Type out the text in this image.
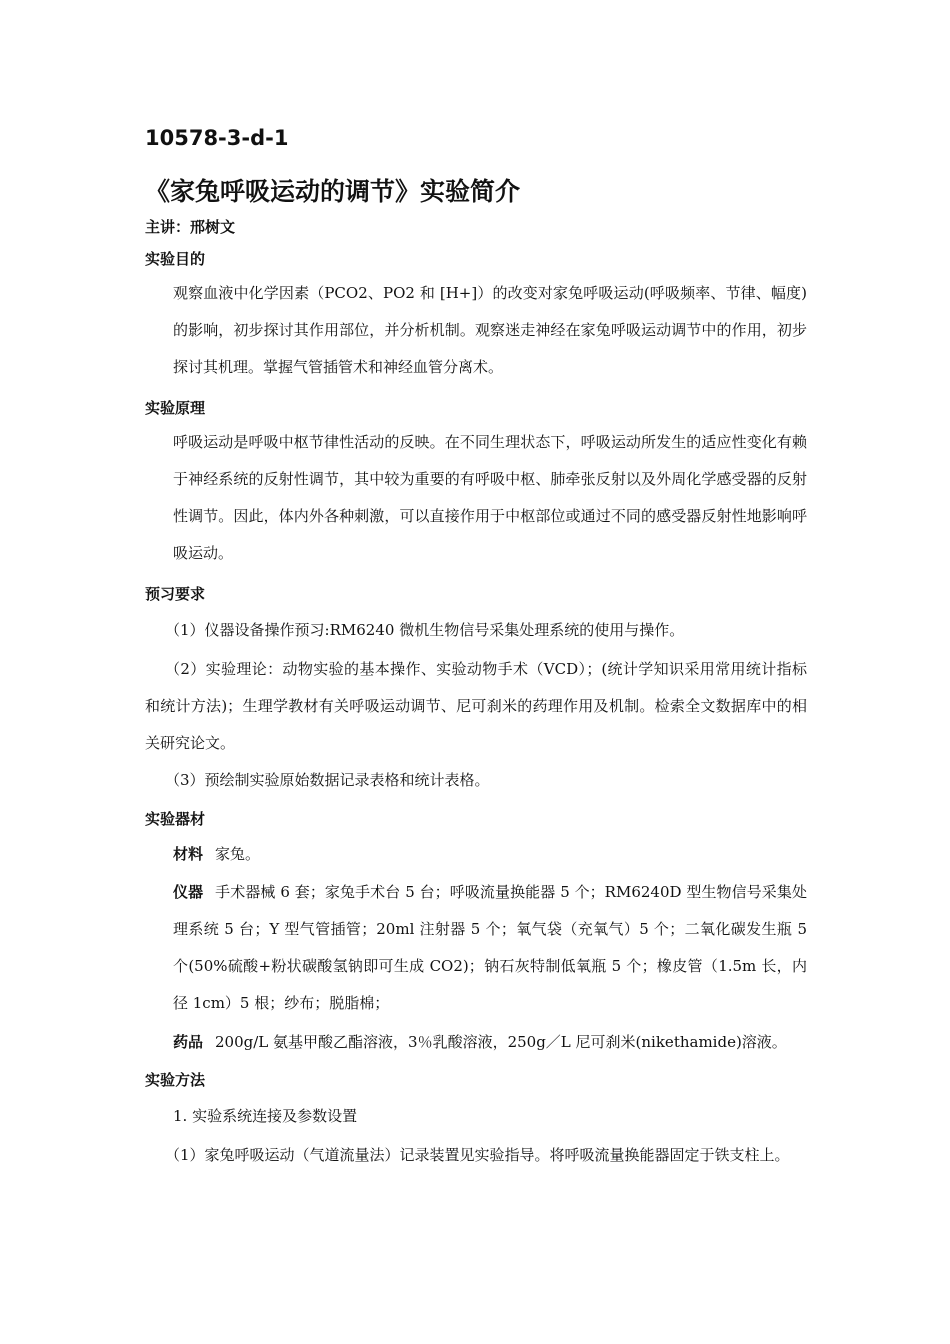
10578-3-d-1
《家兔呼吸运动的调节》实验简介
主讲：邢树文
实验目的
观察血液中化学因素（PCO2、PO2 和 [H+]）的改变对家兔呼吸运动(呼吸频率、节律、幅度)的影响，初步探讨其作用部位，并分析机制。观察迷走神经在家兔呼吸运动调节中的作用，初步探讨其机理。掌握气管插管术和神经血管分离术。
实验原理
呼吸运动是呼吸中枢节律性活动的反映。在不同生理状态下，呼吸运动所发生的适应性变化有赖于神经系统的反射性调节，其中较为重要的有呼吸中枢、肺牵张反射以及外周化学感受器的反射性调节。因此，体内外各种刺激，可以直接作用于中枢部位或通过不同的感受器反射性地影响呼吸运动。
预习要求
（1）仪器设备操作预习:RM6240 微机生物信号采集处理系统的使用与操作。
（2）实验理论：动物实验的基本操作、实验动物手术（VCD）；(统计学知识采用常用统计指标和统计方法)；生理学教材有关呼吸运动调节、尼可刹米的药理作用及机制。检索全文数据库中的相关研究论文。
（3）预绘制实验原始数据记录表格和统计表格。
实验器材
材料 家兔。
仪器 手术器械 6 套；家兔手术台 5 台；呼吸流量换能器 5 个；RM6240D 型生物信号采集处理系统 5 台；Y 型气管插管；20ml 注射器 5 个；氧气袋（充氧气）5 个；二氧化碳发生瓶 5 个(50%硫酸+粉状碳酸氢钠即可生成 CO2)；钠石灰特制低氧瓶 5 个；橡皮管（1.5m 长，内径 1cm）5 根；纱布；脱脂棉；
药品 200g/L 氨基甲酸乙酯溶液，3％乳酸溶液，250g／L 尼可刹米(nikethamide)溶液。
实验方法
1. 实验系统连接及参数设置
（1）家兔呼吸运动（气道流量法）记录装置见实验指导。将呼吸流量换能器固定于铁支柱上。
